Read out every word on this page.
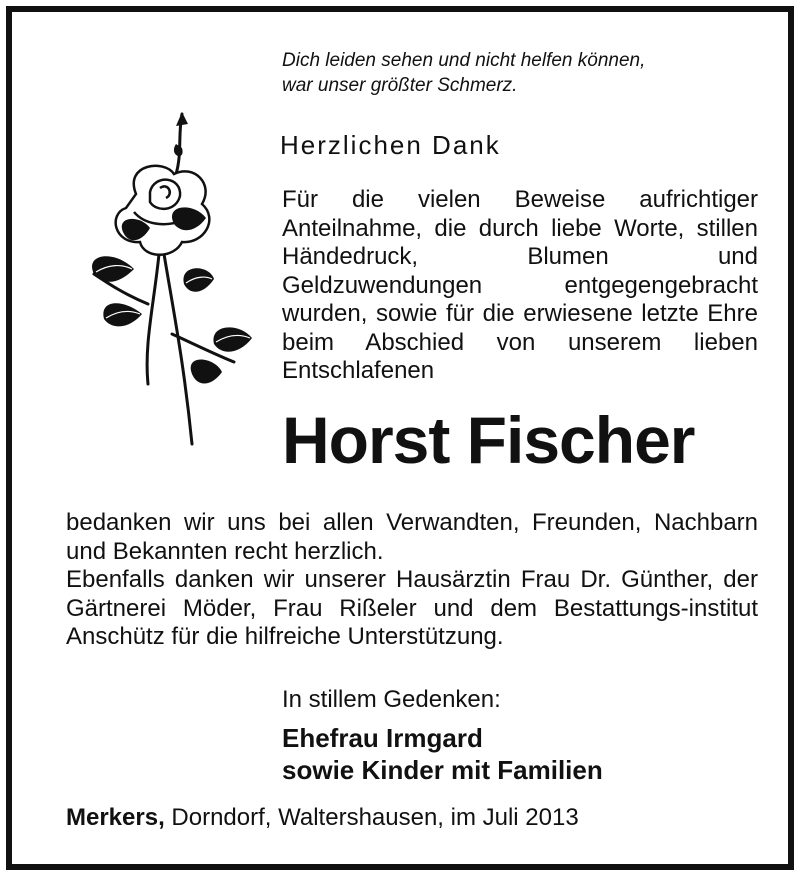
Dich leiden sehen und nicht helfen können,
war unser größter Schmerz.

Herzlichen Dank

Für die vielen Beweise aufrichtiger Anteilnahme, die durch liebe Worte, stillen Händedruck, Blumen und Geldzuwendungen entgegengebracht wurden, sowie für die erwiesene letzte Ehre beim Abschied von unserem lieben Entschlafenen

Horst Fischer

bedanken wir uns bei allen Verwandten, Freunden, Nachbarn und Bekannten recht herzlich.
Ebenfalls danken wir unserer Hausärztin Frau Dr. Günther, der Gärtnerei Möder, Frau Rißeler und dem Bestattungs-institut Anschütz für die hilfreiche Unterstützung.

In stillem Gedenken:

Ehefrau Irmgard
sowie Kinder mit Familien

Merkers, Dorndorf, Waltershausen, im Juli 2013
